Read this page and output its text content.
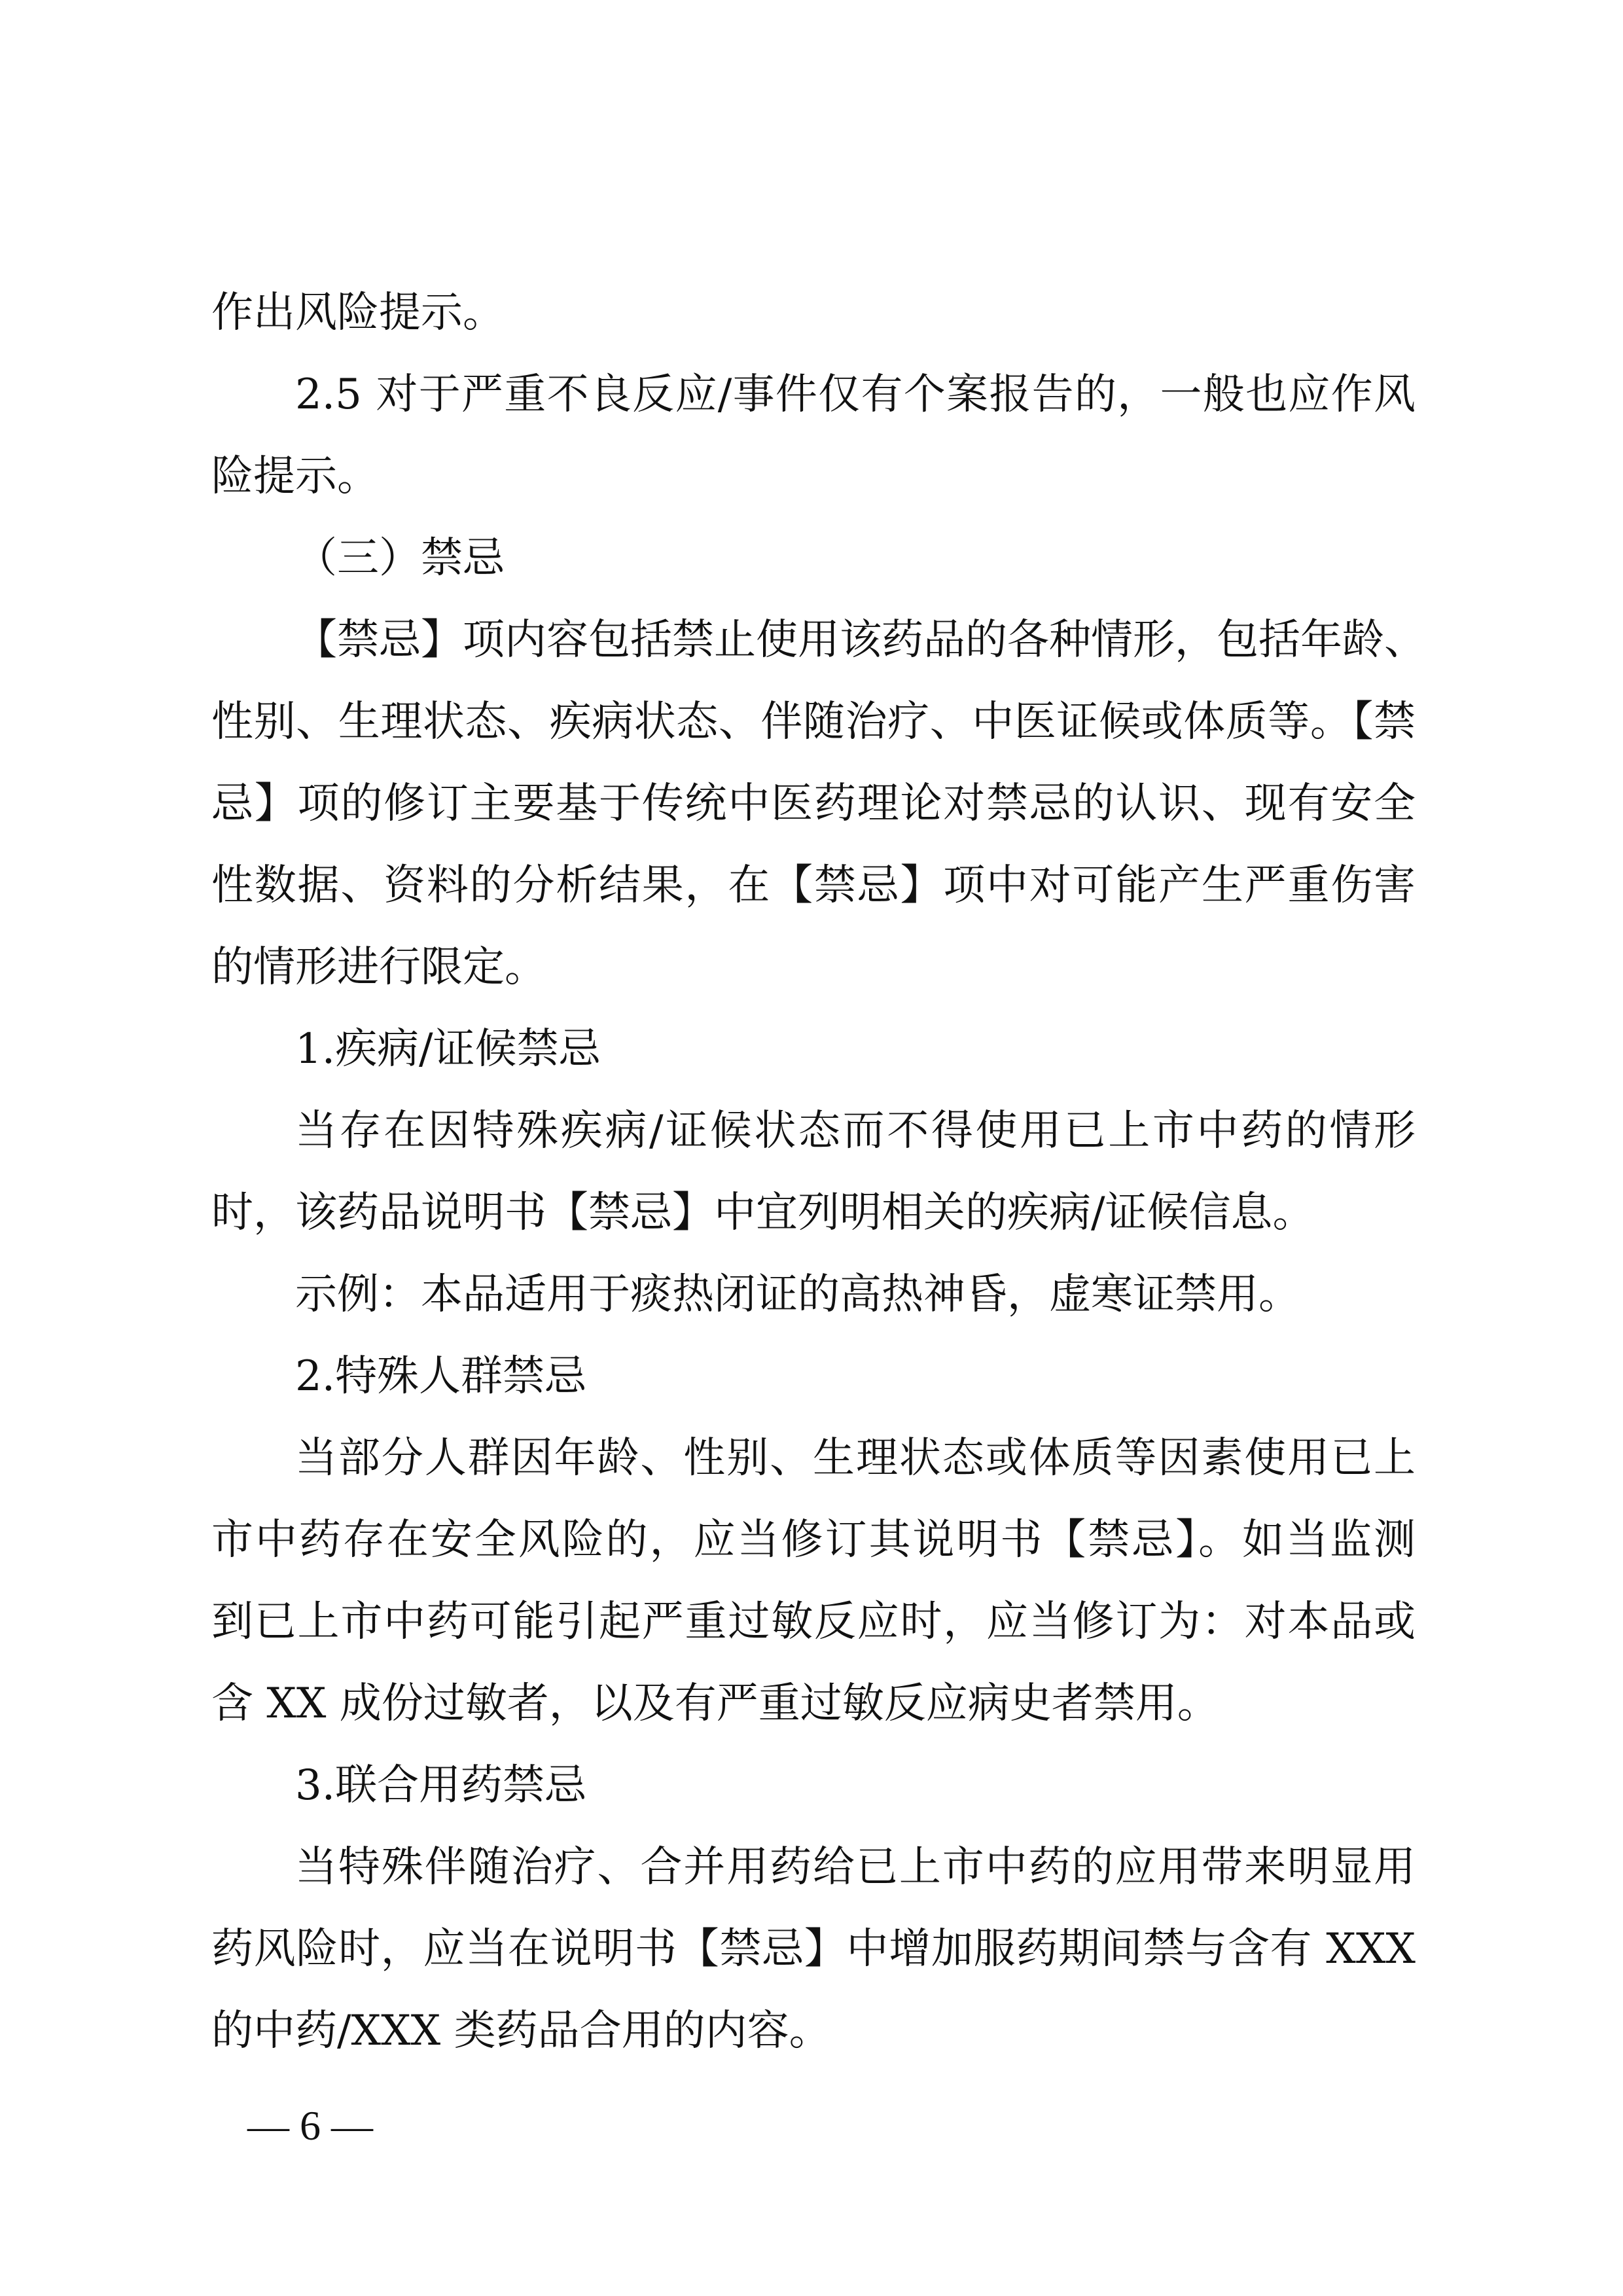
作出风险提示。
2.5 对于严重不良反应/事件仅有个案报告的，一般也应作风
险提示。
（三）禁忌
【禁忌】项内容包括禁止使用该药品的各种情形，包括年龄、
性别、生理状态、疾病状态、伴随治疗、中医证候或体质等。【禁
忌】项的修订主要基于传统中医药理论对禁忌的认识、现有安全
性数据、资料的分析结果，在【禁忌】项中对可能产生严重伤害
的情形进行限定。
1.疾病/证候禁忌
当存在因特殊疾病/证候状态而不得使用已上市中药的情形
时，该药品说明书【禁忌】中宜列明相关的疾病/证候信息。
示例：本品适用于痰热闭证的高热神昏，虚寒证禁用。
2.特殊人群禁忌
当部分人群因年龄、性别、生理状态或体质等因素使用已上
市中药存在安全风险的，应当修订其说明书【禁忌】。如当监测
到已上市中药可能引起严重过敏反应时，应当修订为：对本品或
含 XX 成份过敏者，以及有严重过敏反应病史者禁用。
3.联合用药禁忌
当特殊伴随治疗、合并用药给已上市中药的应用带来明显用
药风险时，应当在说明书【禁忌】中增加服药期间禁与含有 XXX
的中药/XXX 类药品合用的内容。
— 6 —
